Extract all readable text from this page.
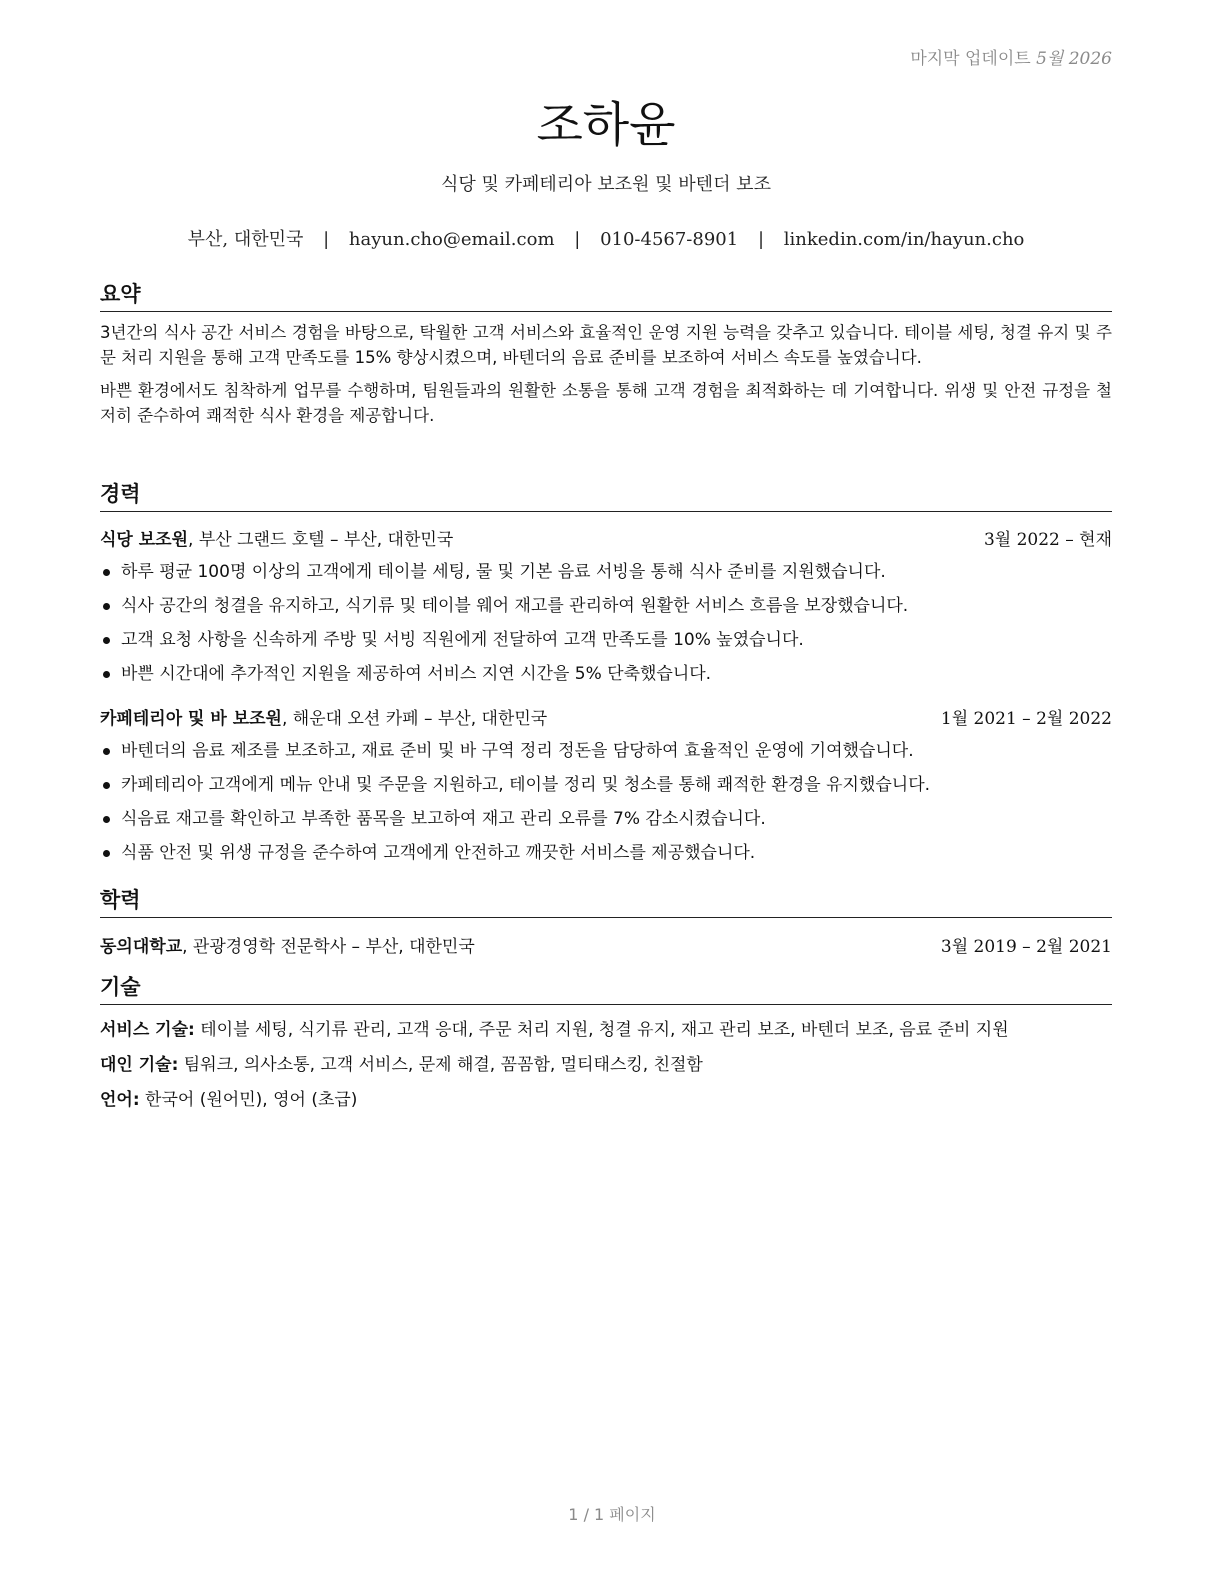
마지막 업데이트 5월 2026
조하윤
식당 및 카페테리아 보조원 및 바텐더 보조
부산, 대한민국 | hayun.cho@email.com | 010-4567-8901 | linkedin.com/in/hayun.cho
요약

3년간의 식사 공간 서비스 경험을 바탕으로, 탁월한 고객 서비스와 효율적인 운영 지원 능력을 갖추고 있습니다. 테이블 세팅, 청결 유지 및 주문 처리 지원을 통해 고객 만족도를 15% 향상시켰으며, 바텐더의 음료 준비를 보조하여 서비스 속도를 높였습니다.

바쁜 환경에서도 침착하게 업무를 수행하며, 팀원들과의 원활한 소통을 통해 고객 경험을 최적화하는 데 기여합니다. 위생 및 안전 규정을 철저히 준수하여 쾌적한 식사 환경을 제공합니다.

경력
식당 보조원, 부산 그랜드 호텔 – 부산, 대한민국	3월 2022 – 현재
하루 평균 100명 이상의 고객에게 테이블 세팅, 물 및 기본 음료 서빙을 통해 식사 준비를 지원했습니다.
식사 공간의 청결을 유지하고, 식기류 및 테이블 웨어 재고를 관리하여 원활한 서비스 흐름을 보장했습니다.
고객 요청 사항을 신속하게 주방 및 서빙 직원에게 전달하여 고객 만족도를 10% 높였습니다.
바쁜 시간대에 추가적인 지원을 제공하여 서비스 지연 시간을 5% 단축했습니다.
카페테리아 및 바 보조원, 해운대 오션 카페 – 부산, 대한민국	1월 2021 – 2월 2022
바텐더의 음료 제조를 보조하고, 재료 준비 및 바 구역 정리 정돈을 담당하여 효율적인 운영에 기여했습니다.
카페테리아 고객에게 메뉴 안내 및 주문을 지원하고, 테이블 정리 및 청소를 통해 쾌적한 환경을 유지했습니다.
식음료 재고를 확인하고 부족한 품목을 보고하여 재고 관리 오류를 7% 감소시켰습니다.
식품 안전 및 위생 규정을 준수하여 고객에게 안전하고 깨끗한 서비스를 제공했습니다.
학력
동의대학교, 관광경영학 전문학사 – 부산, 대한민국	3월 2019 – 2월 2021
기술
서비스 기술: 테이블 세팅, 식기류 관리, 고객 응대, 주문 처리 지원, 청결 유지, 재고 관리 보조, 바텐더 보조, 음료 준비 지원
대인 기술: 팀워크, 의사소통, 고객 서비스, 문제 해결, 꼼꼼함, 멀티태스킹, 친절함
언어: 한국어 (원어민), 영어 (초급)
1 / 1 페이지
